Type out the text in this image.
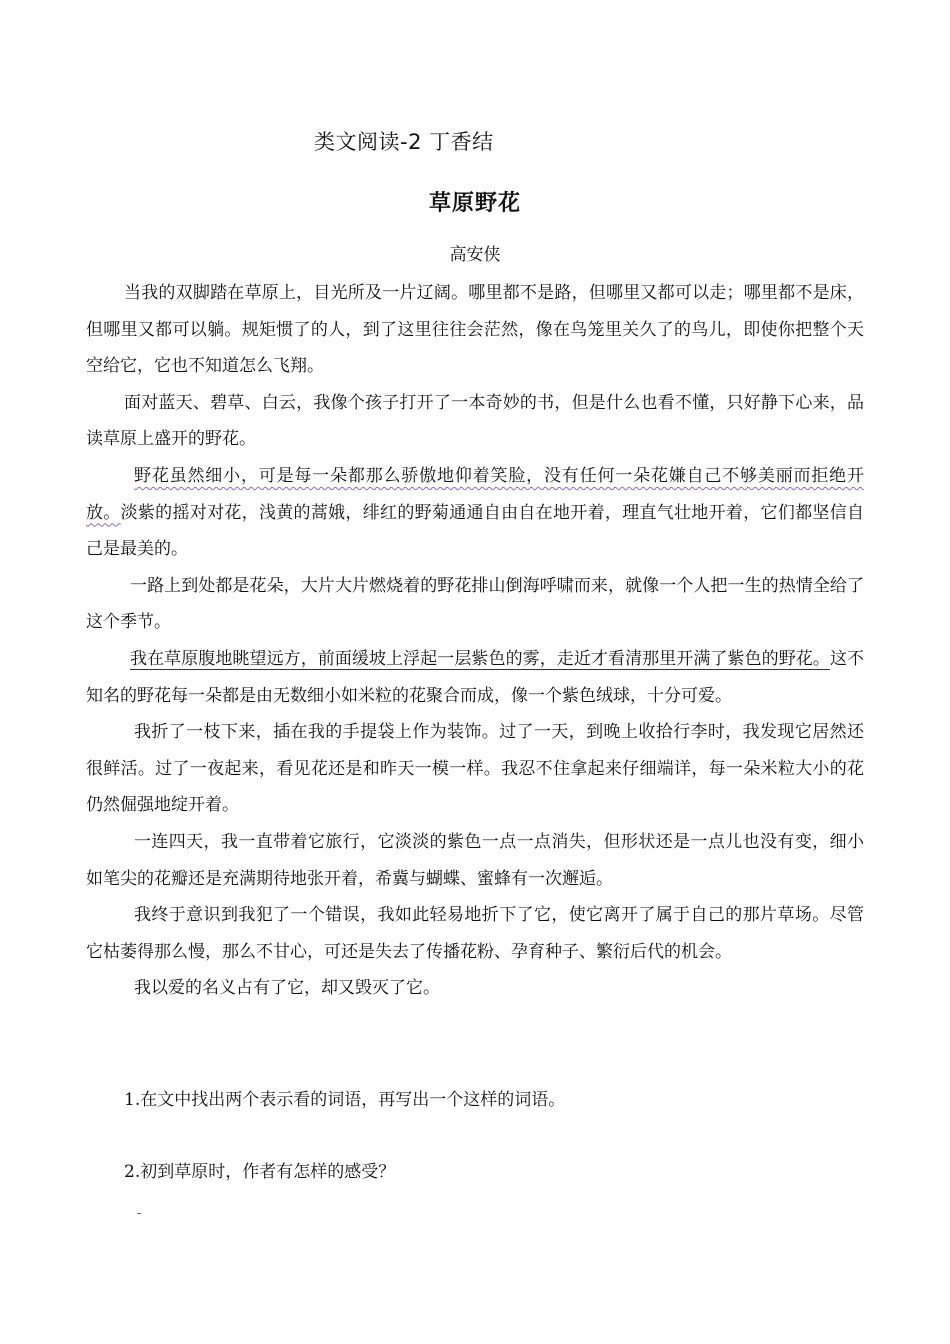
类文阅读-2 丁香结
草原野花
高安侠

当我的双脚踏在草原上，目光所及一片辽阔。哪里都不是路，但哪里又都可以走；哪里都不是床，但哪里又都可以躺。规矩惯了的人，到了这里往往会茫然，像在鸟笼里关久了的鸟儿，即使你把整个天空给它，它也不知道怎么飞翔。

面对蓝天、碧草、白云，我像个孩子打开了一本奇妙的书，但是什么也看不懂，只好静下心来，品读草原上盛开的野花。

野花虽然细小，可是每一朵都那么骄傲地仰着笑脸，没有任何一朵花嫌自己不够美丽而拒绝开放。淡紫的摇对对花，浅黄的蒿娥，绯红的野菊通通自由自在地开着，理直气壮地开着，它们都坚信自己是最美的。

一路上到处都是花朵，大片大片燃烧着的野花排山倒海呼啸而来，就像一个人把一生的热情全给了这个季节。

我在草原腹地眺望远方，前面缓坡上浮起一层紫色的雾，走近才看清那里开满了紫色的野花。这不知名的野花每一朵都是由无数细小如米粒的花聚合而成，像一个紫色绒球，十分可爱。

我折了一枝下来，插在我的手提袋上作为装饰。过了一天，到晚上收拾行李时，我发现它居然还很鲜活。过了一夜起来，看见花还是和昨天一模一样。我忍不住拿起来仔细端详，每一朵米粒大小的花仍然倔强地绽开着。

一连四天，我一直带着它旅行，它淡淡的紫色一点一点消失，但形状还是一点儿也没有变，细小如笔尖的花瓣还是充满期待地张开着，希冀与蝴蝶、蜜蜂有一次邂逅。

我终于意识到我犯了一个错误，我如此轻易地折下了它，使它离开了属于自己的那片草场。尽管它枯萎得那么慢，那么不甘心，可还是失去了传播花粉、孕育种子、繁衍后代的机会。

我以爱的名义占有了它，却又毁灭了它。

1.在文中找出两个表示看的词语，再写出一个这样的词语。
2.初到草原时，作者有怎样的感受？
-
